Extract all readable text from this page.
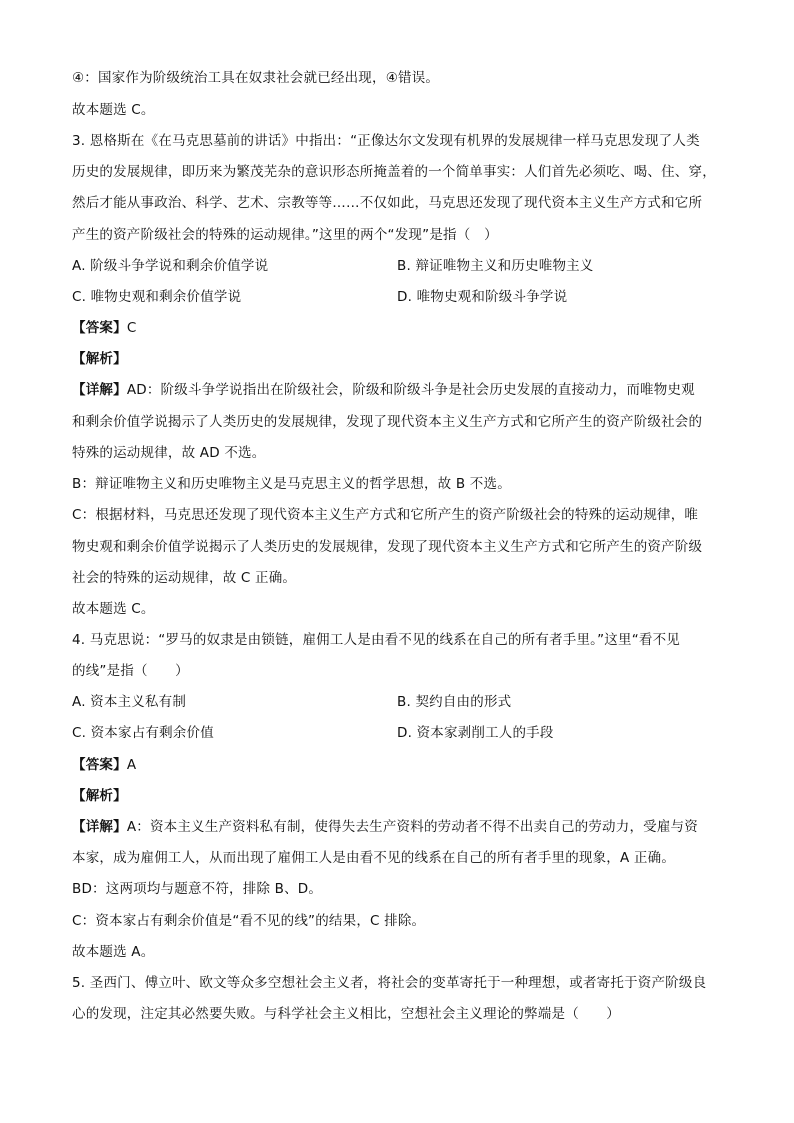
④：国家作为阶级统治工具在奴隶社会就已经出现，④错误。
故本题选 C。
3. 恩格斯在《在马克思墓前的讲话》中指出：“正像达尔文发现有机界的发展规律一样马克思发现了人类
历史的发展规律，即历来为繁茂芜杂的意识形态所掩盖着的一个简单事实：人们首先必须吃、喝、住、穿，
然后才能从事政治、科学、艺术、宗教等等……不仅如此，马克思还发现了现代资本主义生产方式和它所
产生的资产阶级社会的特殊的运动规律。”这里的两个“发现”是指（　）
A. 阶级斗争学说和剩余价值学说	B. 辩证唯物主义和历史唯物主义
C. 唯物史观和剩余价值学说	D. 唯物史观和阶级斗争学说
【答案】C
【解析】
【详解】AD：阶级斗争学说指出在阶级社会，阶级和阶级斗争是社会历史发展的直接动力，而唯物史观
和剩余价值学说揭示了人类历史的发展规律，发现了现代资本主义生产方式和它所产生的资产阶级社会的
特殊的运动规律，故 AD 不选。
B：辩证唯物主义和历史唯物主义是马克思主义的哲学思想，故 B 不选。
C：根据材料，马克思还发现了现代资本主义生产方式和它所产生的资产阶级社会的特殊的运动规律，唯
物史观和剩余价值学说揭示了人类历史的发展规律，发现了现代资本主义生产方式和它所产生的资产阶级
社会的特殊的运动规律，故 C 正确。
故本题选 C。
4. 马克思说：“罗马的奴隶是由锁链，雇佣工人是由看不见的线系在自己的所有者手里。”这里“看不见
的线”是指（　　）
A. 资本主义私有制	B. 契约自由的形式
C. 资本家占有剩余价值	D. 资本家剥削工人的手段
【答案】A
【解析】
【详解】A：资本主义生产资料私有制，使得失去生产资料的劳动者不得不出卖自己的劳动力，受雇与资
本家，成为雇佣工人，从而出现了雇佣工人是由看不见的线系在自己的所有者手里的现象，A 正确。
BD：这两项均与题意不符，排除 B、D。
C：资本家占有剩余价值是“看不见的线”的结果，C 排除。
故本题选 A。
5. 圣西门、傅立叶、欧文等众多空想社会主义者，将社会的变革寄托于一种理想，或者寄托于资产阶级良
心的发现，注定其必然要失败。与科学社会主义相比，空想社会主义理论的弊端是（　　）
